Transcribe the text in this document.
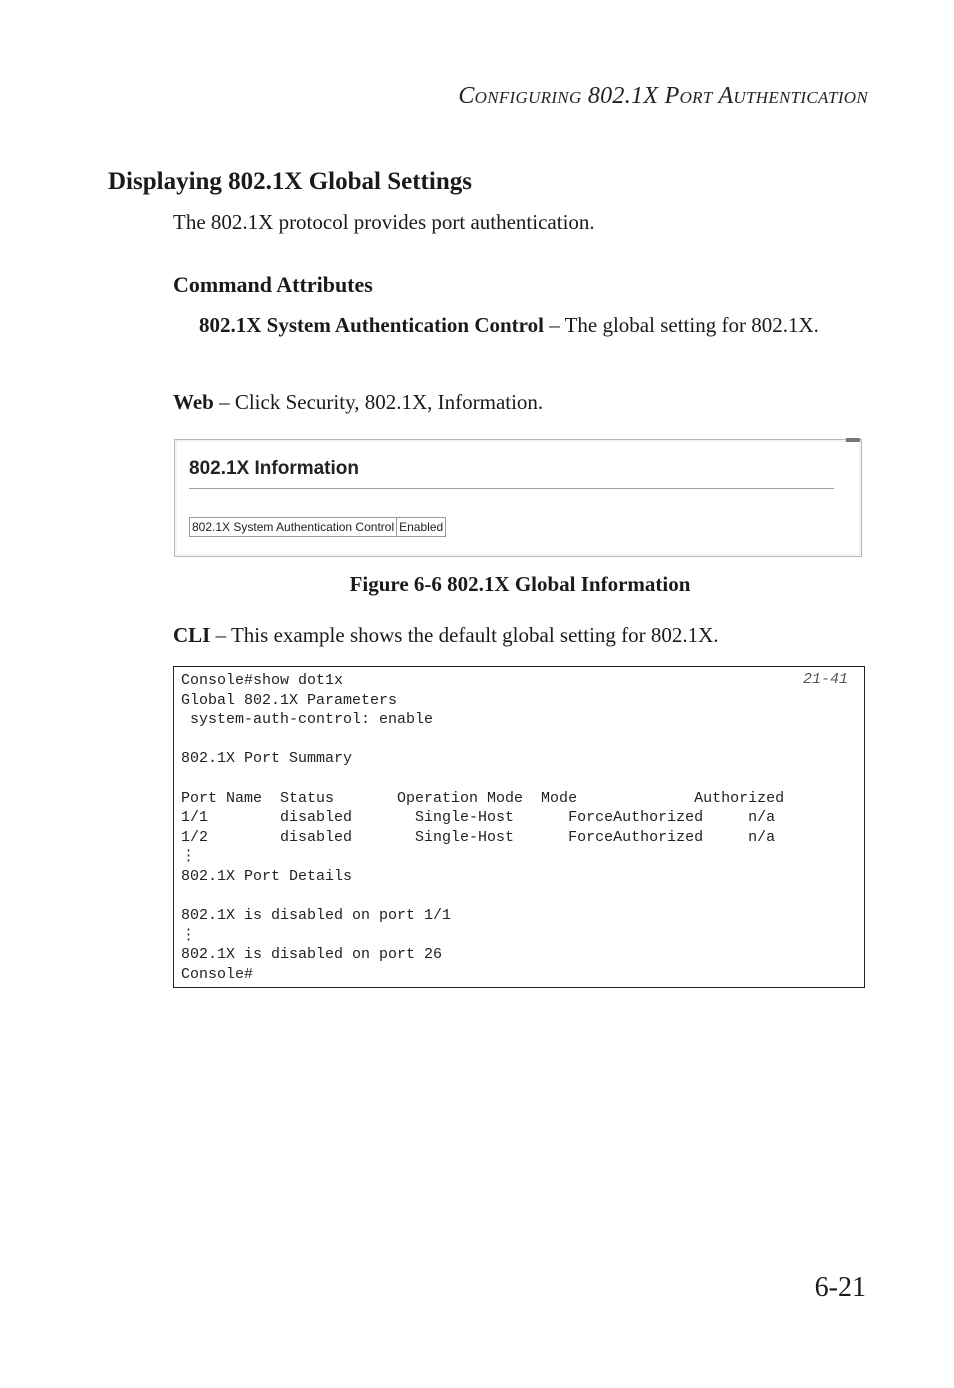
CONFIGURING 802.1X PORT AUTHENTICATION
Displaying 802.1X Global Settings
The 802.1X protocol provides port authentication.
Command Attributes
802.1X System Authentication Control – The global setting for 802.1X.
Web – Click Security, 802.1X, Information.
802.1X Information
802.1X System Authentication Control	Enabled
Figure 6-6 802.1X Global Information
CLI – This example shows the default global setting for 802.1X.
Console#show dot1x
Global 802.1X Parameters
system-auth-control: enable

802.1X Port Summary

Port Name  Status       Operation Mode  Mode             Authorized
1/1        disabled       Single-Host      ForceAuthorized     n/a
1/2        disabled       Single-Host      ForceAuthorized     n/a
⋮
802.1X Port Details

802.1X is disabled on port 1/1
⋮
802.1X is disabled on port 26
Console#
21-41
6-21
